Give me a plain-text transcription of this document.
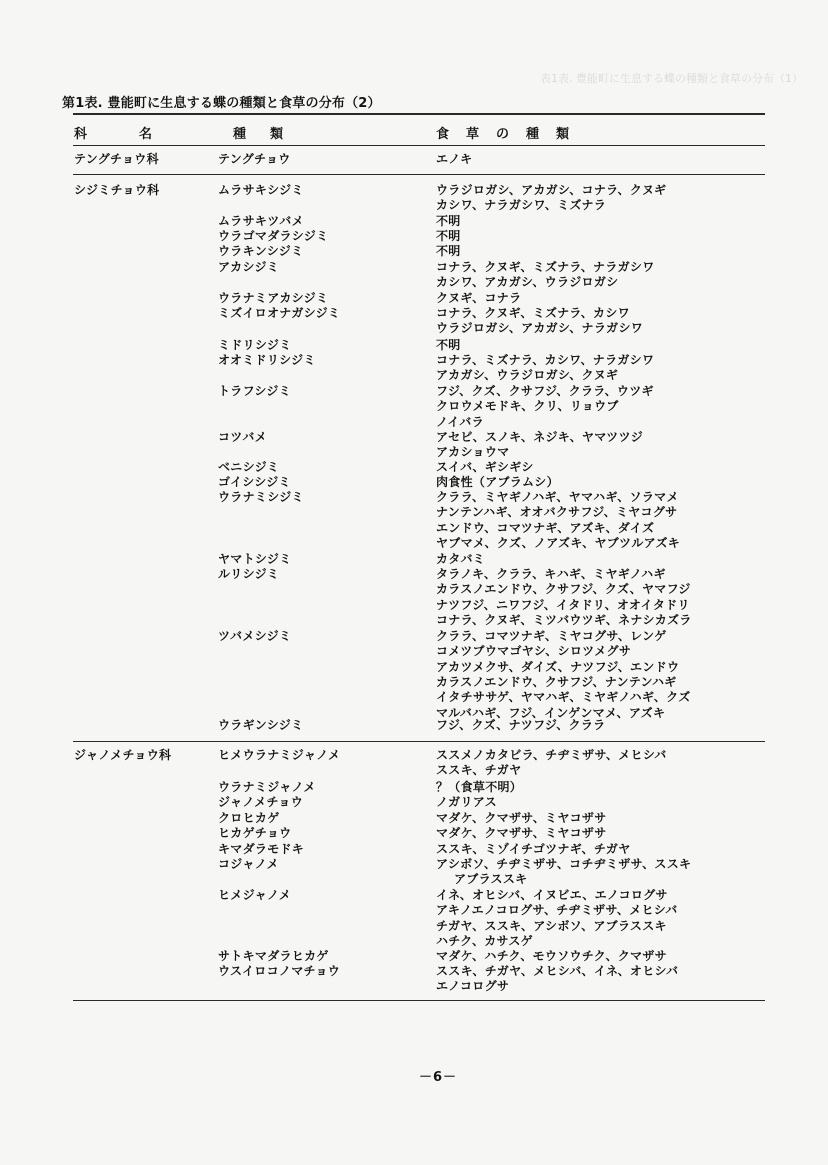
表1表. 豊能町に生息する蝶の種類と食草の分布（1）
第1表. 豊能町に生息する蝶の種類と食草の分布（2）
科名 種類	食草の種類
テングチョウ科	テングチョウ	エノキ
シジミチョウ科	ムラサキシジミ	ウラジロガシ、アカガシ、コナラ、クヌギ
カシワ、ナラガシワ、ミズナラ
ムラサキツバメ	不明
ウラゴマダラシジミ	不明
ウラキンシジミ	不明
アカシジミ	コナラ、クヌギ、ミズナラ、ナラガシワ
カシワ、アカガシ、ウラジロガシ
ウラナミアカシジミ	クヌギ、コナラ
ミズイロオナガシジミ	コナラ、クヌギ、ミズナラ、カシワ
ウラジロガシ、アカガシ、ナラガシワ
ミドリシジミ	不明
オオミドリシジミ	コナラ、ミズナラ、カシワ、ナラガシワ
アカガシ、ウラジロガシ、クヌギ
トラフシジミ	フジ、クズ、クサフジ、クララ、ウツギ
クロウメモドキ、クリ、リョウブ
ノイバラ
コツバメ	アセビ、スノキ、ネジキ、ヤマツツジ
アカショウマ
ベニシジミ	スイバ、ギシギシ
ゴイシシジミ	肉食性（アブラムシ）
ウラナミシジミ	クララ、ミヤギノハギ、ヤマハギ、ソラマメ
ナンテンハギ、オオバクサフジ、ミヤコグサ
エンドウ、コマツナギ、アズキ、ダイズ
ヤブマメ、クズ、ノアズキ、ヤブツルアズキ
ヤマトシジミ	カタバミ
ルリシジミ	タラノキ、クララ、キハギ、ミヤギノハギ
カラスノエンドウ、クサフジ、クズ、ヤマフジ
ナツフジ、ニワフジ、イタドリ、オオイタドリ
コナラ、クヌギ、ミツバウツギ、ネナシカズラ
ツバメシジミ	クララ、コマツナギ、ミヤコグサ、レンゲ
コメツブウマゴヤシ、シロツメグサ
アカツメクサ、ダイズ、ナツフジ、エンドウ
カラスノエンドウ、クサフジ、ナンテンハギ
イタチササゲ、ヤマハギ、ミヤギノハギ、クズ
マルバハギ、フジ、インゲンマメ、アズキ
ウラギンシジミ	フジ、クズ、ナツフジ、クララ
ジャノメチョウ科	ヒメウラナミジャノメ	ススメノカタビラ、チヂミザサ、メヒシバ
ススキ、チガヤ
ウラナミジャノメ	？（食草不明）
ジャノメチョウ	ノガリアス
クロヒカゲ	マダケ、クマザサ、ミヤコザサ
ヒカゲチョウ	マダケ、クマザサ、ミヤコザサ
キマダラモドキ	ススキ、ミゾイチゴツナギ、チガヤ
コジャノメ	アシボソ、チヂミザサ、コチヂミザサ、ススキ
アブラススキ
ヒメジャノメ	イネ、オヒシバ、イヌビエ、エノコログサ
アキノエノコログサ、チヂミザサ、メヒシバ
チガヤ、ススキ、アシボソ、アブラススキ
ハチク、カサスゲ
サトキマダラヒカゲ	マダケ、ハチク、モウソウチク、クマザサ
ウスイロコノマチョウ	ススキ、チガヤ、メヒシバ、イネ、オヒシバ
エノコログサ
－6－
